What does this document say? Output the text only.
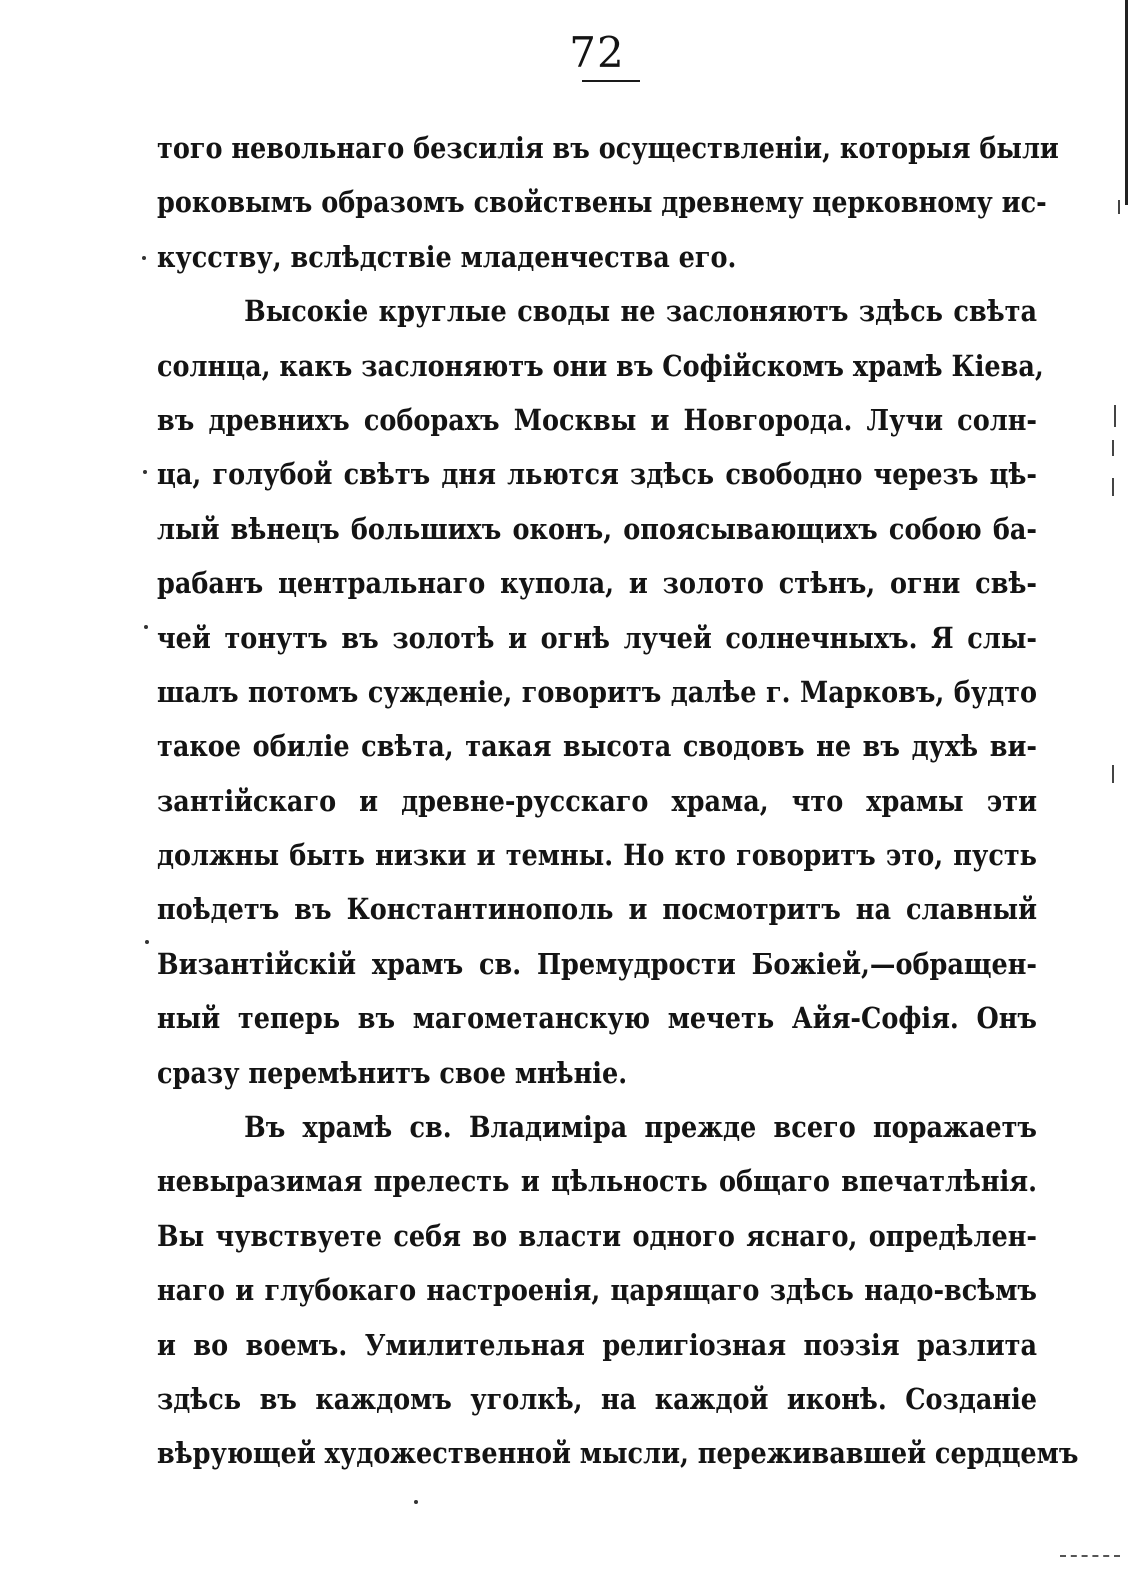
72
того невольнаго безсилія въ осуществленіи, которыя были
роковымъ образомъ свойствены древнему церковному ис-
кусству, вслѣдствіе младенчества его.
Высокіе круглые своды не заслоняютъ здѣсь свѣта
солнца, какъ заслоняютъ они въ Софійскомъ храмѣ Кіева,
въ древнихъ соборахъ Москвы и Новгорода. Лучи солн-
ца, голубой свѣтъ дня льются здѣсь свободно черезъ цѣ-
лый вѣнецъ большихъ оконъ, опоясывающихъ собою ба-
рабанъ центральнаго купола, и золото стѣнъ, огни свѣ-
чей тонутъ въ золотѣ и огнѣ лучей солнечныхъ. Я слы-
шалъ потомъ сужденіе, говоритъ далѣе г. Марковъ, будто
такое обиліе свѣта, такая высота сводовъ не въ духѣ ви-
зантійскаго и древне-русскаго храма, что храмы эти
должны быть низки и темны. Но кто говоритъ это, пусть
поѣдетъ въ Константинополь и посмотритъ на славный
Византійскій храмъ св. Премудрости Божіей,—обращен-
ный теперь въ магометанскую мечеть Айя-Софія. Онъ
сразу перемѣнитъ свое мнѣніе.
Въ храмѣ св. Владиміра прежде всего поражаетъ
невыразимая прелесть и цѣльность общаго впечатлѣнія.
Вы чувствуете себя во власти одного яснаго, опредѣлен-
наго и глубокаго настроенія, царящаго здѣсь надо-всѣмъ
и во воемъ. Умилительная религіозная поэзія разлита
здѣсь въ каждомъ уголкѣ, на каждой иконѣ. Созданіе
вѣрующей художественной мысли, переживавшей сердцемъ
